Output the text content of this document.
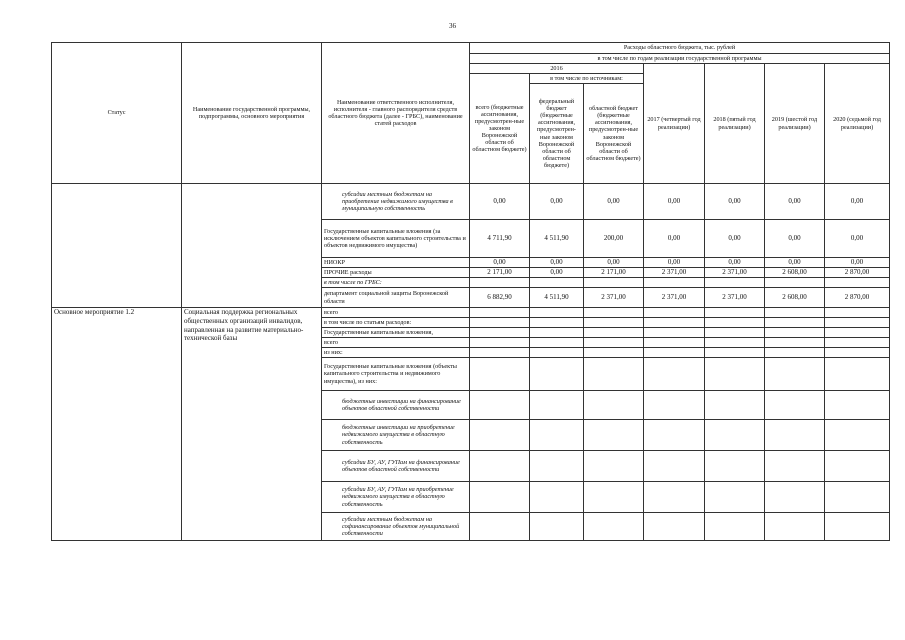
36
Статус	Наименование государственной программы, подпрограммы, основного мероприятия	Наименование ответственного исполнителя, исполнителя - главного распорядителя средств областного бюджета (далее - ГРБС), наименование статей расходов	Расходы областного бюджета, тыс. рублей						
			в том числе по годам реализации государственной программы						
			2016			2017 (четвертый год реализации)	2018 (пятый год реализации)	2019 (шестой год реализации)	2020 (седьмой год реализации)
			всего (бюджетные ассигнования, предусмотрен-ные законом Воронежской области об областном бюджете)	в том числе по источникам:					
				федеральный бюджет (бюджетные ассигнования, предусмотрен-ные законом Воронежской области об областном бюджете)	областной бюджет (бюджетные ассигнования, предусмотрен-ные законом Воронежской области об областном бюджете)				
		субсидии местным бюджетам на приобретение недвижимого имущества в муниципальную собственность	0,00	0,00	0,00	0,00	0,00	0,00	0,00
		Государственные капитальные вложения (за исключением объектов капитального строительства и объектов недвижимого имущества)	4 711,90	4 511,90	200,00	0,00	0,00	0,00	0,00
		НИОКР	0,00	0,00	0,00	0,00	0,00	0,00	0,00
		ПРОЧИЕ расходы	2 171,00	0,00	2 171,00	2 371,00	2 371,00	2 608,00	2 870,00
		в том числе по ГРБС:							
		департамент социальной защиты Воронежской области	6 882,90	4 511,90	2 371,00	2 371,00	2 371,00	2 608,00	2 870,00
Основное мероприятие 1.2	Социальная поддержка региональных общественных организаций инвалидов, направленная на развитие материально-технической базы	всего							
		в том числе по статьям расходов:							
		Государственные капитальные вложения,							
		всего							
		из них:							
		Государственные капитальные вложения (объекты капитального строительства и недвижимого имущества), из них:							
		бюджетные инвестиции на финансирование объектов областной собственности							
		бюджетные инвестиции на приобретение недвижимого имущества в областную собственность							
		субсидии БУ, АУ, ГУПам на финансирование объектов областной собственности							
		субсидии БУ, АУ, ГУПам на приобретение недвижимого имущества в областную собственность							
		субсидии местным бюджетам на софинансирование объектов муниципальной собственности							
